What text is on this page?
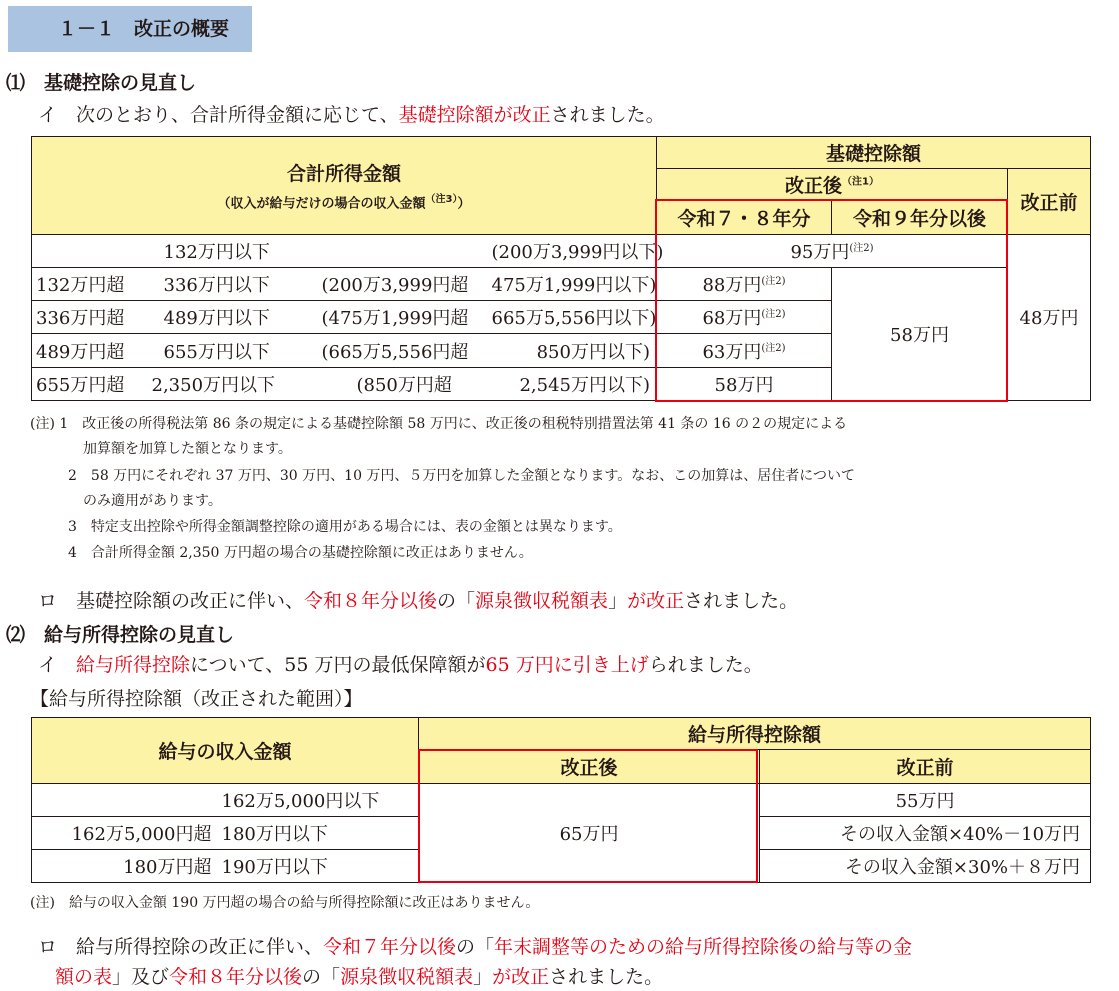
１－１　改正の概要
⑴　基礎控除の見直し
イ 次のとおり、合計所得金額に応じて、基礎控除額が改正されました。
合計所得金額
（収入が給与だけの場合の収入金額$^{(注3)}$）				基礎控除額		
				改正後$^{(注1)}$		改正前
				令和７・８年分	令和９年分以後	
	132万円以下		(200万3,999円以下)	95万円$^{(注2)}$		48万円
132万円超	336万円以下	(200万3,999円超	475万1,999円以下)	88万円$^{(注2)}$	58万円	
336万円超	489万円以下	(475万1,999円超	665万5,556円以下)	68万円$^{(注2)}$
489万円超	655万円以下	(665万5,556円超	850万円以下)	63万円$^{(注2)}$
655万円超	2,350万円以下	(850万円超	2,545万円以下)	58万円		
(注) 1　 改正後の所得税法第 86 条の規定による基礎控除額 58 万円に、改正後の租税特別措置法第 41 条の 16 の２の規定による
加算額を加算した額となります。
2　 58 万円にそれぞれ 37 万円、30 万円、10 万円、５万円を加算した金額となります。なお、この加算は、居住者について
のみ適用があります。
3　 特定支出控除や所得金額調整控除の適用がある場合には、表の金額とは異なります。
4　 合計所得金額 2,350 万円超の場合の基礎控除額に改正はありません。
ロ 基礎控除額の改正に伴い、令和８年分以後の「源泉徴収税額表」が改正されました。
⑵　給与所得控除の見直し
イ 給与所得控除について、55 万円の最低保障額が65 万円に引き上げられました。
【給与所得控除額（改正された範囲）】
給与の収入金額		給与所得控除額	
		改正後	改正前
	162万5,000円以下	65万円	55万円
162万5,000円超	180万円以下		その収入金額×40%－10万円
180万円超	190万円以下		その収入金額×30%＋８万円
(注)　 給与の収入金額 190 万円超の場合の給与所得控除額に改正はありません。
ロ 給与所得控除の改正に伴い、令和７年分以後の「年末調整等のための給与所得控除後の給与等の金
額の表」及び令和８年分以後の「源泉徴収税額表」が改正されました。
